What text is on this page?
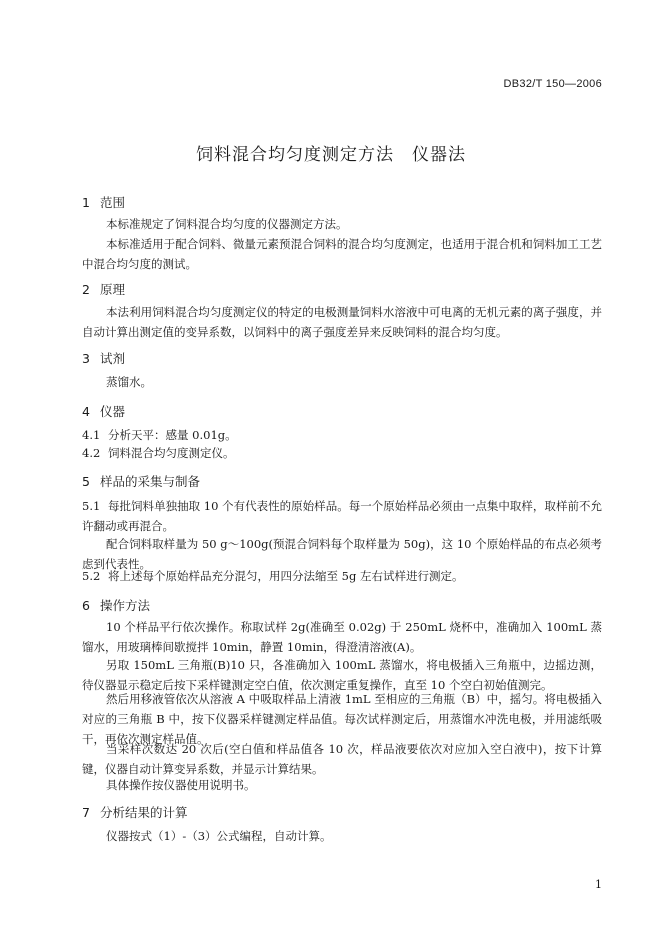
DB32/T 150—2006
饲料混合均匀度测定方法　仪器法
1 范围
本标准规定了饲料混合均匀度的仪器测定方法。
本标准适用于配合饲料、微量元素预混合饲料的混合均匀度测定，也适用于混合机和饲料加工工艺中混合均匀度的测试。
2 原理
本法利用饲料混合均匀度测定仪的特定的电极测量饲料水溶液中可电离的无机元素的离子强度，并自动计算出测定值的变异系数，以饲料中的离子强度差异来反映饲料的混合均匀度。
3 试剂
蒸馏水。
4 仪器
4.1 分析天平：感量 0.01g。
4.2 饲料混合均匀度测定仪。
5 样品的采集与制备
5.1 每批饲料单独抽取 10 个有代表性的原始样品。每一个原始样品必须由一点集中取样，取样前不允许翻动或再混合。
配合饲料取样量为 50 g～100g(预混合饲料每个取样量为 50g)，这 10 个原始样品的布点必须考虑到代表性。
5.2 将上述每个原始样品充分混匀，用四分法缩至 5g 左右试样进行测定。
6 操作方法
10 个样品平行依次操作。称取试样 2g(准确至 0.02g) 于 250mL 烧杯中，准确加入 100mL 蒸馏水，用玻璃棒间歇搅拌 10min，静置 10min，得澄清溶液(A)。
另取 150mL 三角瓶(B)10 只，各准确加入 100mL 蒸馏水，将电极插入三角瓶中，边摇边测，待仪器显示稳定后按下采样键测定空白值，依次测定重复操作，直至 10 个空白初始值测完。
然后用移液管依次从溶液 A 中吸取样品上清液 1mL 至相应的三角瓶（B）中，摇匀。将电极插入对应的三角瓶 B 中，按下仪器采样键测定样品值。每次试样测定后，用蒸馏水冲洗电极，并用滤纸吸干，再依次测定样品值。
当采样次数达 20 次后(空白值和样品值各 10 次，样品液要依次对应加入空白液中)，按下计算键，仪器自动计算变异系数，并显示计算结果。
具体操作按仪器使用说明书。
7 分析结果的计算
仪器按式（1）-（3）公式编程，自动计算。
1
